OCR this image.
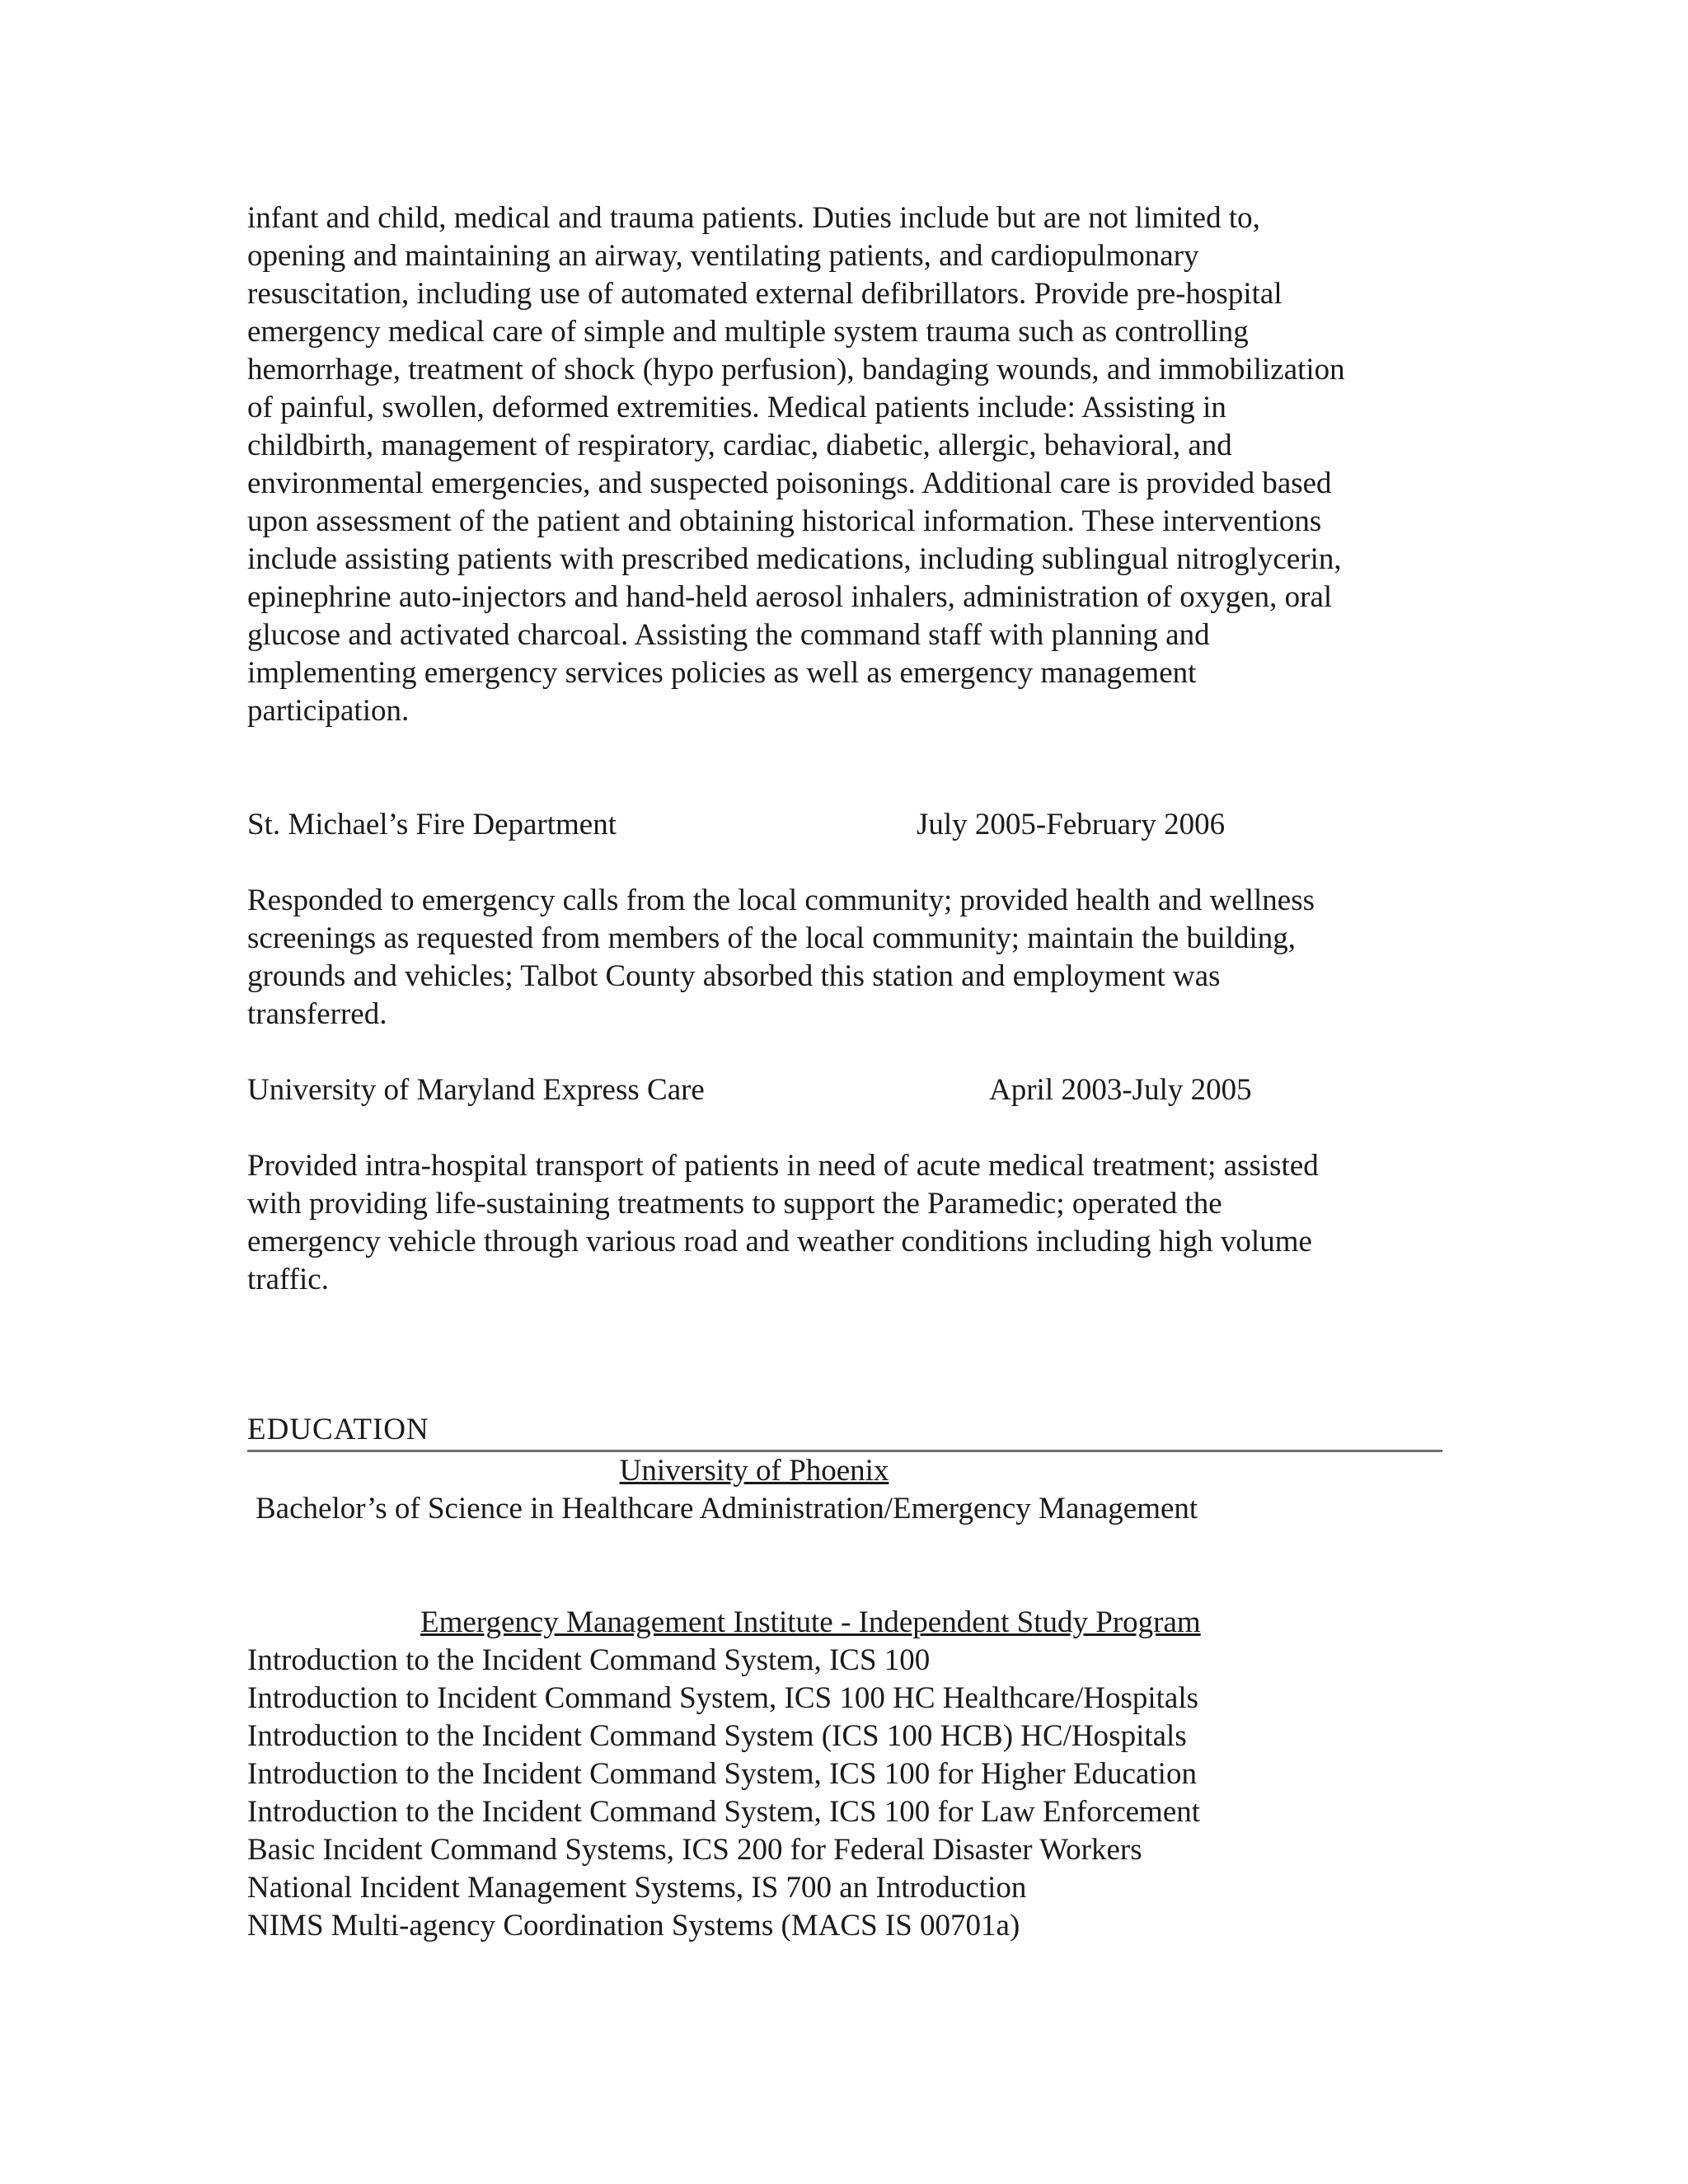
infant and child, medical and trauma patients. Duties include but are not limited to,
opening and maintaining an airway, ventilating patients, and cardiopulmonary
resuscitation, including use of automated external defibrillators. Provide pre-hospital
emergency medical care of simple and multiple system trauma such as controlling
hemorrhage, treatment of shock (hypo perfusion), bandaging wounds, and immobilization
of painful, swollen, deformed extremities. Medical patients include: Assisting in
childbirth, management of respiratory, cardiac, diabetic, allergic, behavioral, and
environmental emergencies, and suspected poisonings. Additional care is provided based
upon assessment of the patient and obtaining historical information. These interventions
include assisting patients with prescribed medications, including sublingual nitroglycerin,
epinephrine auto-injectors and hand-held aerosol inhalers, administration of oxygen, oral
glucose and activated charcoal. Assisting the command staff with planning and
implementing emergency services policies as well as emergency management
participation.
St. Michael’s Fire Department	July 2005-February 2006
Responded to emergency calls from the local community; provided health and wellness
screenings as requested from members of the local community; maintain the building,
grounds and vehicles; Talbot County absorbed this station and employment was
transferred.
University of Maryland Express Care	April 2003-July 2005
Provided intra-hospital transport of patients in need of acute medical treatment; assisted
with providing life-sustaining treatments to support the Paramedic; operated the
emergency vehicle through various road and weather conditions including high volume
traffic.
EDUCATION
University of Phoenix
Bachelor’s of Science in Healthcare Administration/Emergency Management
Emergency Management Institute - Independent Study Program
Introduction to the Incident Command System, ICS 100
Introduction to Incident Command System, ICS 100 HC Healthcare/Hospitals
Introduction to the Incident Command System (ICS 100 HCB) HC/Hospitals
Introduction to the Incident Command System, ICS 100 for Higher Education
Introduction to the Incident Command System, ICS 100 for Law Enforcement
Basic Incident Command Systems, ICS 200 for Federal Disaster Workers
National Incident Management Systems, IS 700 an Introduction
NIMS Multi-agency Coordination Systems (MACS IS 00701a)
